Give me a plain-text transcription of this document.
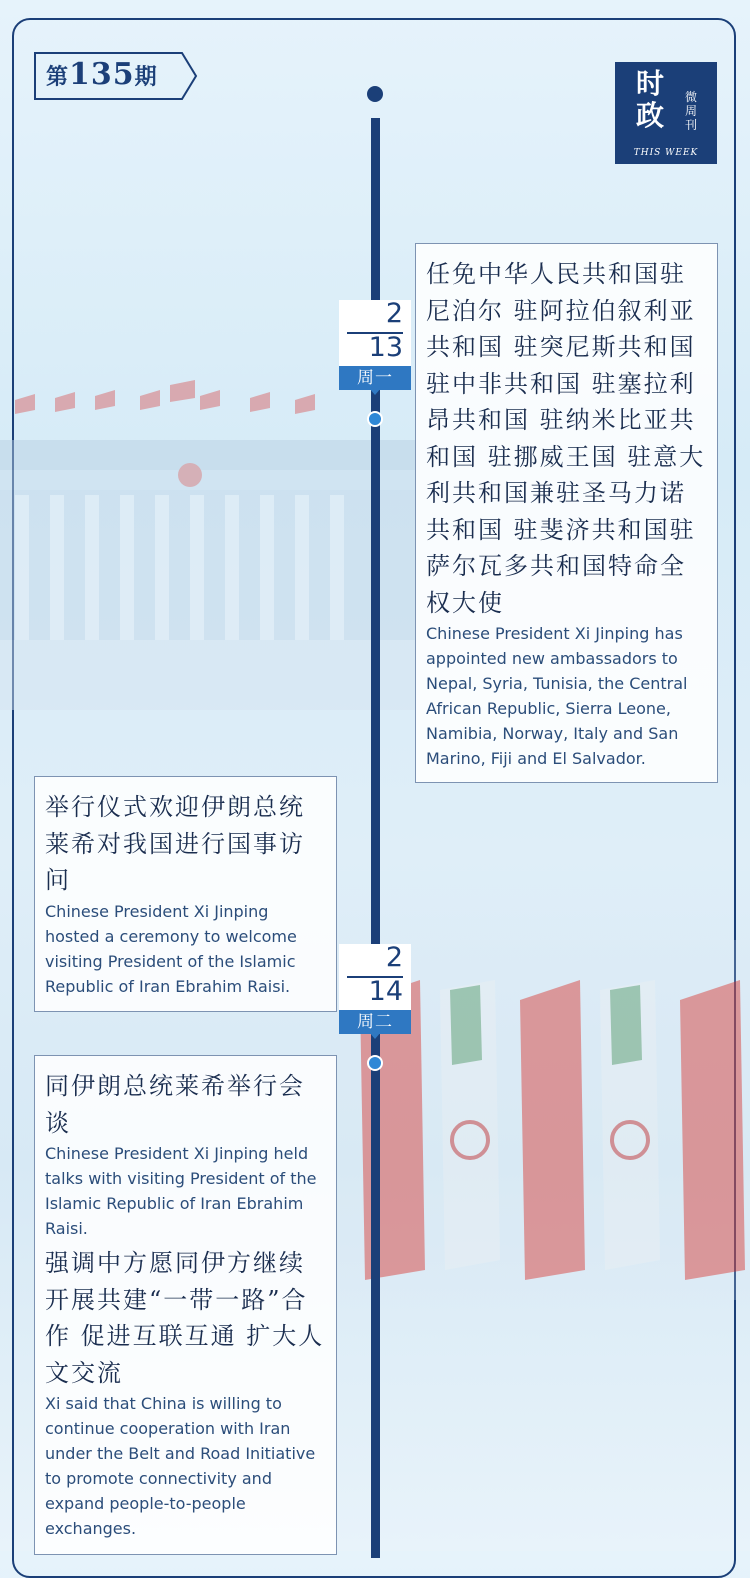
第135期	时政
微周刊
THIS WEEK
2
13
周一
2
14
周二

任免中华人民共和国驻尼泊尔 驻阿拉伯叙利亚共和国 驻突尼斯共和国驻中非共和国 驻塞拉利昂共和国 驻纳米比亚共和国 驻挪威王国 驻意大利共和国兼驻圣马力诺共和国 驻斐济共和国驻萨尔瓦多共和国特命全权大使

Chinese President Xi Jinping has appointed new ambassadors to Nepal, Syria, Tunisia, the Central African Republic, Sierra Leone, Namibia, Norway, Italy and San Marino, Fiji and El Salvador.

举行仪式欢迎伊朗总统莱希对我国进行国事访问

Chinese President Xi Jinping hosted a ceremony to welcome visiting President of the Islamic Republic of Iran Ebrahim Raisi.

同伊朗总统莱希举行会谈

Chinese President Xi Jinping held talks with visiting President of the Islamic Republic of Iran Ebrahim Raisi.

强调中方愿同伊方继续开展共建“一带一路”合作 促进互联互通 扩大人文交流

Xi said that China is willing to continue cooperation with Iran under the Belt and Road Initiative to promote connectivity and expand people-to-people exchanges.
